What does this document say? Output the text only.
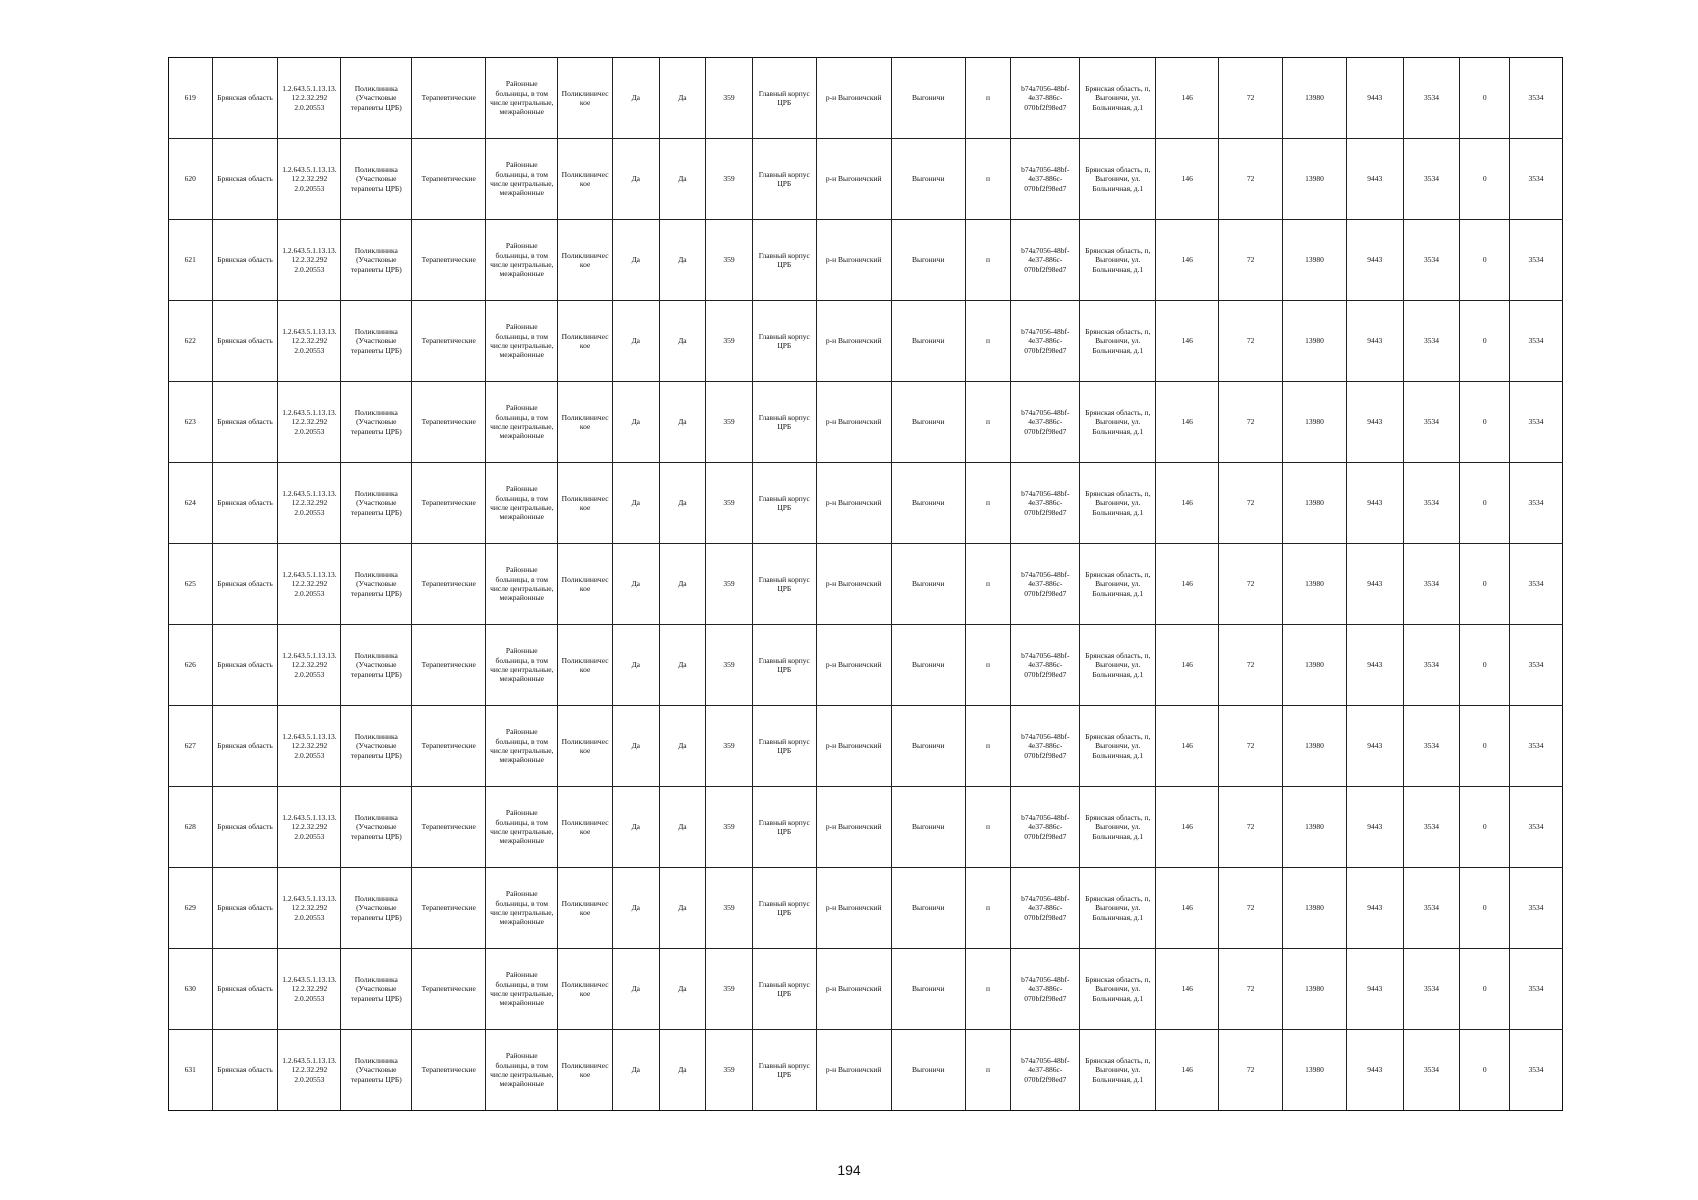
619	Брянская область	1.2.643.5.1.13.13.12.2.32.292 2.0.20553	Поликлиника (Участковые терапевты ЦРБ)	Терапевтические	Районные больницы, в том числе центральные, межрайонные	Поликлиническое	Да	Да	359	Главный корпус ЦРБ	р-н Выгоничский	Выгоничи	п	b74a7056-48bf-4e37-886c-070bf2f98ed7	Брянская область, п, Выгоничи, ул. Больничная, д.1	146	72	13980	9443	3534	0	3534
620	Брянская область	1.2.643.5.1.13.13.12.2.32.292 2.0.20553	Поликлиника (Участковые терапевты ЦРБ)	Терапевтические	Районные больницы, в том числе центральные, межрайонные	Поликлиническое	Да	Да	359	Главный корпус ЦРБ	р-н Выгоничский	Выгоничи	п	b74a7056-48bf-4e37-886c-070bf2f98ed7	Брянская область, п, Выгоничи, ул. Больничная, д.1	146	72	13980	9443	3534	0	3534
621	Брянская область	1.2.643.5.1.13.13.12.2.32.292 2.0.20553	Поликлиника (Участковые терапевты ЦРБ)	Терапевтические	Районные больницы, в том числе центральные, межрайонные	Поликлиническое	Да	Да	359	Главный корпус ЦРБ	р-н Выгоничский	Выгоничи	п	b74a7056-48bf-4e37-886c-070bf2f98ed7	Брянская область, п, Выгоничи, ул. Больничная, д.1	146	72	13980	9443	3534	0	3534
622	Брянская область	1.2.643.5.1.13.13.12.2.32.292 2.0.20553	Поликлиника (Участковые терапевты ЦРБ)	Терапевтические	Районные больницы, в том числе центральные, межрайонные	Поликлиническое	Да	Да	359	Главный корпус ЦРБ	р-н Выгоничский	Выгоничи	п	b74a7056-48bf-4e37-886c-070bf2f98ed7	Брянская область, п, Выгоничи, ул. Больничная, д.1	146	72	13980	9443	3534	0	3534
623	Брянская область	1.2.643.5.1.13.13.12.2.32.292 2.0.20553	Поликлиника (Участковые терапевты ЦРБ)	Терапевтические	Районные больницы, в том числе центральные, межрайонные	Поликлиническое	Да	Да	359	Главный корпус ЦРБ	р-н Выгоничский	Выгоничи	п	b74a7056-48bf-4e37-886c-070bf2f98ed7	Брянская область, п, Выгоничи, ул. Больничная, д.1	146	72	13980	9443	3534	0	3534
624	Брянская область	1.2.643.5.1.13.13.12.2.32.292 2.0.20553	Поликлиника (Участковые терапевты ЦРБ)	Терапевтические	Районные больницы, в том числе центральные, межрайонные	Поликлиническое	Да	Да	359	Главный корпус ЦРБ	р-н Выгоничский	Выгоничи	п	b74a7056-48bf-4e37-886c-070bf2f98ed7	Брянская область, п, Выгоничи, ул. Больничная, д.1	146	72	13980	9443	3534	0	3534
625	Брянская область	1.2.643.5.1.13.13.12.2.32.292 2.0.20553	Поликлиника (Участковые терапевты ЦРБ)	Терапевтические	Районные больницы, в том числе центральные, межрайонные	Поликлиническое	Да	Да	359	Главный корпус ЦРБ	р-н Выгоничский	Выгоничи	п	b74a7056-48bf-4e37-886c-070bf2f98ed7	Брянская область, п, Выгоничи, ул. Больничная, д.1	146	72	13980	9443	3534	0	3534
626	Брянская область	1.2.643.5.1.13.13.12.2.32.292 2.0.20553	Поликлиника (Участковые терапевты ЦРБ)	Терапевтические	Районные больницы, в том числе центральные, межрайонные	Поликлиническое	Да	Да	359	Главный корпус ЦРБ	р-н Выгоничский	Выгоничи	п	b74a7056-48bf-4e37-886c-070bf2f98ed7	Брянская область, п, Выгоничи, ул. Больничная, д.1	146	72	13980	9443	3534	0	3534
627	Брянская область	1.2.643.5.1.13.13.12.2.32.292 2.0.20553	Поликлиника (Участковые терапевты ЦРБ)	Терапевтические	Районные больницы, в том числе центральные, межрайонные	Поликлиническое	Да	Да	359	Главный корпус ЦРБ	р-н Выгоничский	Выгоничи	п	b74a7056-48bf-4e37-886c-070bf2f98ed7	Брянская область, п, Выгоничи, ул. Больничная, д.1	146	72	13980	9443	3534	0	3534
628	Брянская область	1.2.643.5.1.13.13.12.2.32.292 2.0.20553	Поликлиника (Участковые терапевты ЦРБ)	Терапевтические	Районные больницы, в том числе центральные, межрайонные	Поликлиническое	Да	Да	359	Главный корпус ЦРБ	р-н Выгоничский	Выгоничи	п	b74a7056-48bf-4e37-886c-070bf2f98ed7	Брянская область, п, Выгоничи, ул. Больничная, д.1	146	72	13980	9443	3534	0	3534
629	Брянская область	1.2.643.5.1.13.13.12.2.32.292 2.0.20553	Поликлиника (Участковые терапевты ЦРБ)	Терапевтические	Районные больницы, в том числе центральные, межрайонные	Поликлиническое	Да	Да	359	Главный корпус ЦРБ	р-н Выгоничский	Выгоничи	п	b74a7056-48bf-4e37-886c-070bf2f98ed7	Брянская область, п, Выгоничи, ул. Больничная, д.1	146	72	13980	9443	3534	0	3534
630	Брянская область	1.2.643.5.1.13.13.12.2.32.292 2.0.20553	Поликлиника (Участковые терапевты ЦРБ)	Терапевтические	Районные больницы, в том числе центральные, межрайонные	Поликлиническое	Да	Да	359	Главный корпус ЦРБ	р-н Выгоничский	Выгоничи	п	b74a7056-48bf-4e37-886c-070bf2f98ed7	Брянская область, п, Выгоничи, ул. Больничная, д.1	146	72	13980	9443	3534	0	3534
631	Брянская область	1.2.643.5.1.13.13.12.2.32.292 2.0.20553	Поликлиника (Участковые терапевты ЦРБ)	Терапевтические	Районные больницы, в том числе центральные, межрайонные	Поликлиническое	Да	Да	359	Главный корпус ЦРБ	р-н Выгоничский	Выгоничи	п	b74a7056-48bf-4e37-886c-070bf2f98ed7	Брянская область, п, Выгоничи, ул. Больничная, д.1	146	72	13980	9443	3534	0	3534
194
